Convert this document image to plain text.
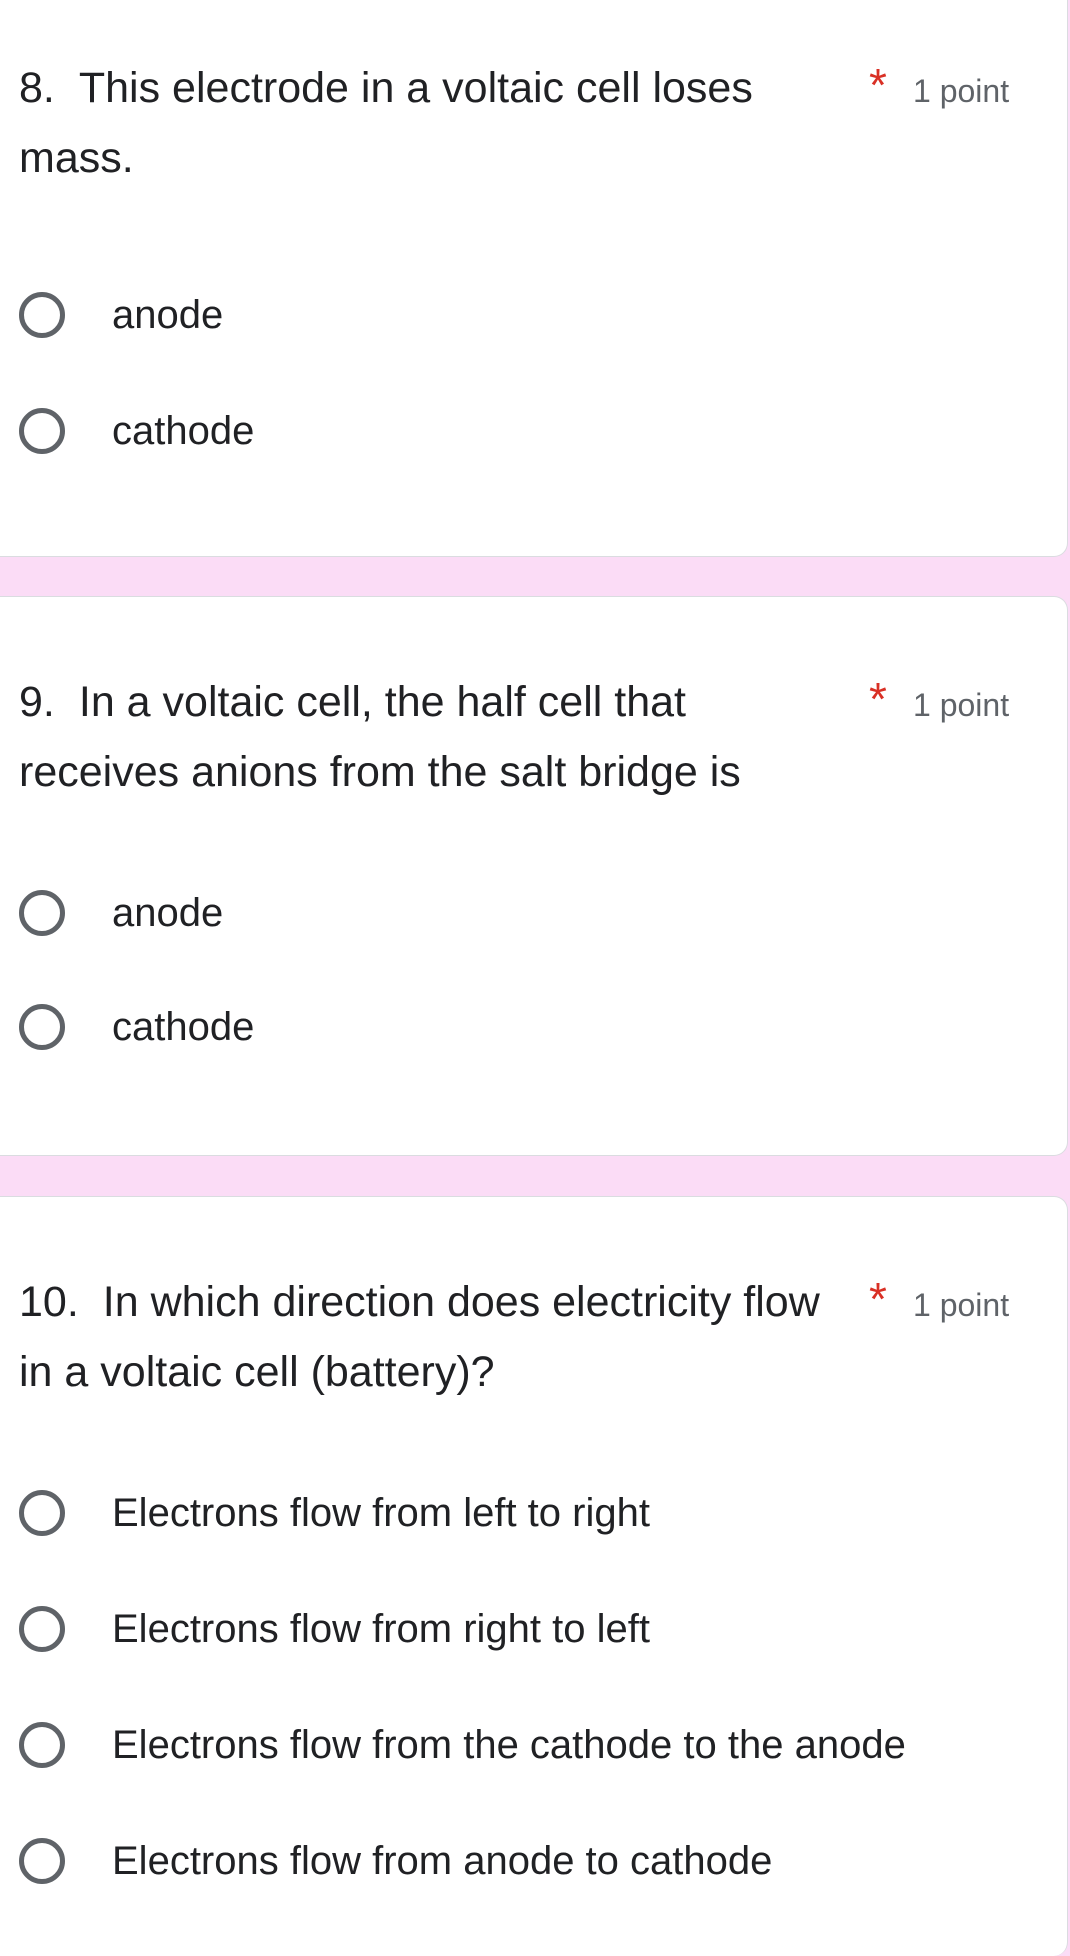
8. This electrode in a voltaic cell loses mass.
* 1 point
anode
cathode
9. In a voltaic cell, the half cell that receives anions from the salt bridge is
* 1 point
anode
cathode
10. In which direction does electricity flow in a voltaic cell (battery)?
* 1 point
Electrons flow from left to right
Electrons flow from right to left
Electrons flow from the cathode to the anode
Electrons flow from anode to cathode
